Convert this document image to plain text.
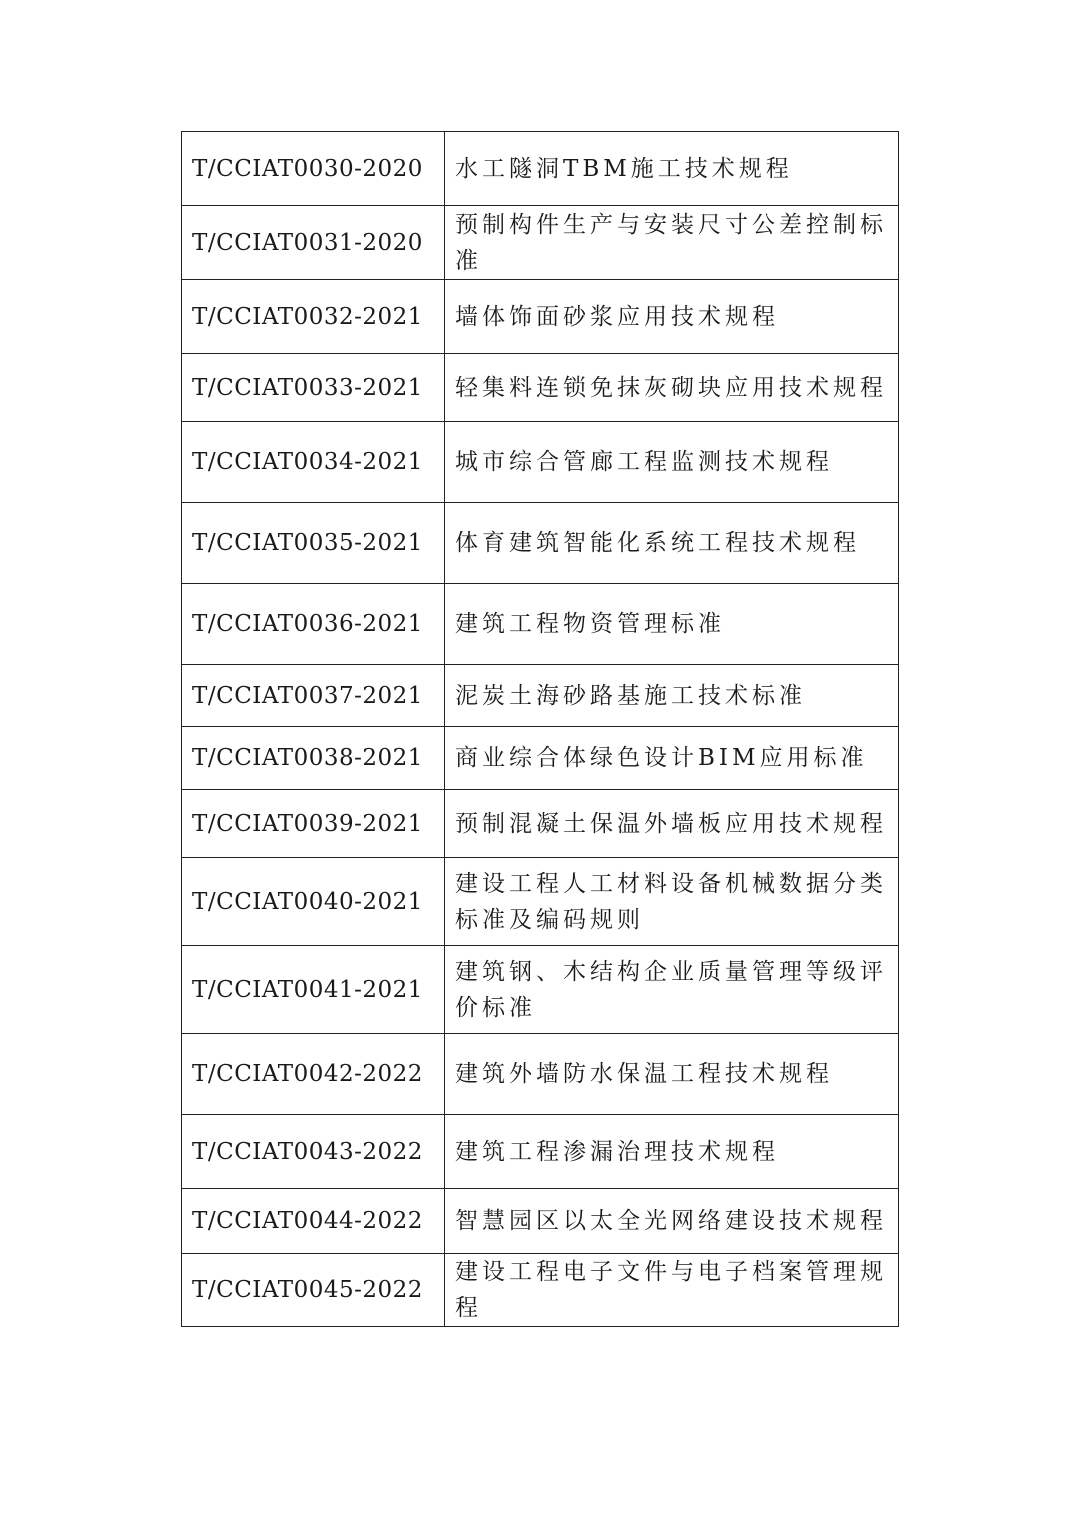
T/CCIAT0030-2020	水工隧洞TBM施工技术规程
T/CCIAT0031-2020	预制构件生产与安装尺寸公差控制标准
T/CCIAT0032-2021	墙体饰面砂浆应用技术规程
T/CCIAT0033-2021	轻集料连锁免抹灰砌块应用技术规程
T/CCIAT0034-2021	城市综合管廊工程监测技术规程
T/CCIAT0035-2021	体育建筑智能化系统工程技术规程
T/CCIAT0036-2021	建筑工程物资管理标准
T/CCIAT0037-2021	泥炭土海砂路基施工技术标准
T/CCIAT0038-2021	商业综合体绿色设计BIM应用标准
T/CCIAT0039-2021	预制混凝土保温外墙板应用技术规程
T/CCIAT0040-2021	建设工程人工材料设备机械数据分类标准及编码规则
T/CCIAT0041-2021	建筑钢、木结构企业质量管理等级评价标准
T/CCIAT0042-2022	建筑外墙防水保温工程技术规程
T/CCIAT0043-2022	建筑工程渗漏治理技术规程
T/CCIAT0044-2022	智慧园区以太全光网络建设技术规程
T/CCIAT0045-2022	建设工程电子文件与电子档案管理规程
